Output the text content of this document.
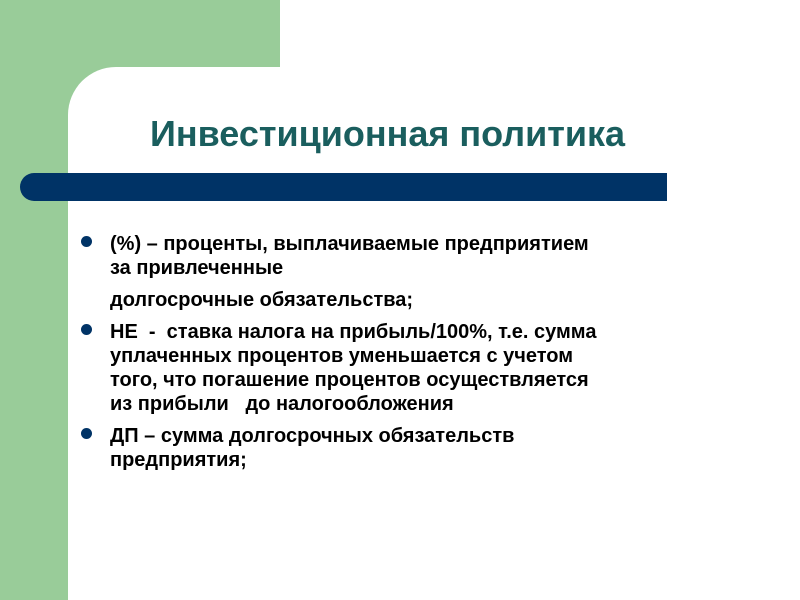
Инвестиционная политика
(%) – проценты, выплачиваемые предприятием
за привлеченные
долгосрочные обязательства;
НЕ  -  ставка налога на прибыль/100%, т.е. сумма
уплаченных процентов уменьшается с учетом
того, что погашение процентов осуществляется
из прибыли   до налогообложения
ДП – сумма долгосрочных обязательств
предприятия;
